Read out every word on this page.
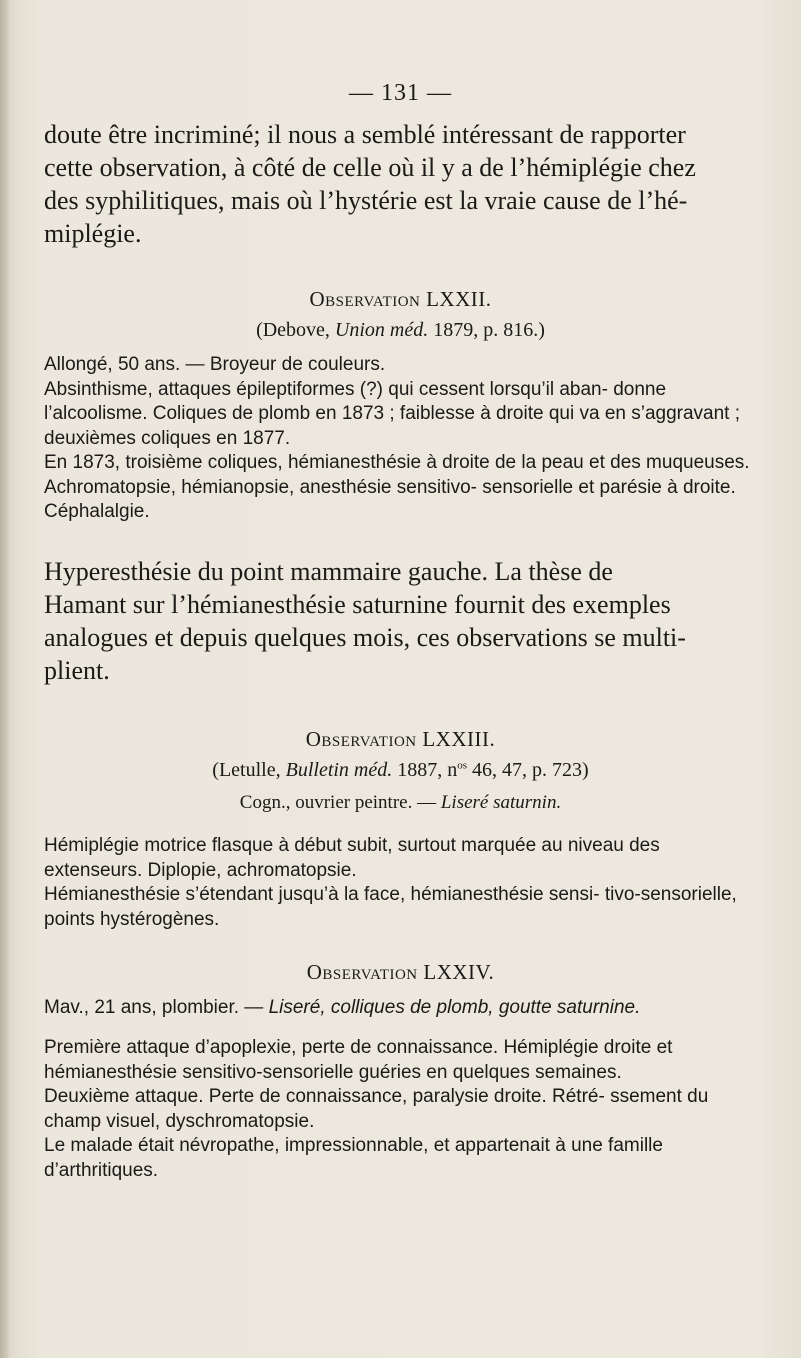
— 131 —

doute être incriminé; il nous a semblé intéressant de rapporter

cette observation, à côté de celle où il y a de l’hémiplégie chez

des syphilitiques, mais où l’hystérie est la vraie cause de l’hé-

miplégie.

Observation LXXII.
(Debove, Union méd. 1879, p. 816.)

Allongé, 50 ans. — Broyeur de couleurs.

Absinthisme, attaques épileptiformes (?) qui cessent lorsqu’il aban- donne l’alcoolisme. Coliques de plomb en 1873 ; faiblesse à droite qui va en s’aggravant ; deuxièmes coliques en 1877.

En 1873, troisième coliques, hémianesthésie à droite de la peau et des muqueuses. Achromatopsie, hémianopsie, anesthésie sensitivo- sensorielle et parésie à droite. Céphalalgie.

Hyperesthésie du point mammaire gauche. La thèse de

Hamant sur l’hémianesthésie saturnine fournit des exemples

analogues et depuis quelques mois, ces observations se multi-

plient.

Observation LXXIII.
(Letulle, Bulletin méd. 1887, $n^{os}$ 46, 47, p. 723)
Cogn., ouvrier peintre. — Liseré saturnin.

Hémiplégie motrice flasque à début subit, surtout marquée au niveau des extenseurs. Diplopie, achromatopsie.

Hémianesthésie s’étendant jusqu’à la face, hémianesthésie sensi- tivo-sensorielle, points hystérogènes.

Observation LXXIV.

Mav., 21 ans, plombier. — Liseré, colliques de plomb, goutte saturnine.

Première attaque d’apoplexie, perte de connaissance. Hémiplégie droite et hémianesthésie sensitivo-sensorielle guéries en quelques semaines.

Deuxième attaque. Perte de connaissance, paralysie droite. Rétré- ssement du champ visuel, dyschromatopsie.

Le malade était névropathe, impressionnable, et appartenait à une famille d’arthritiques.
